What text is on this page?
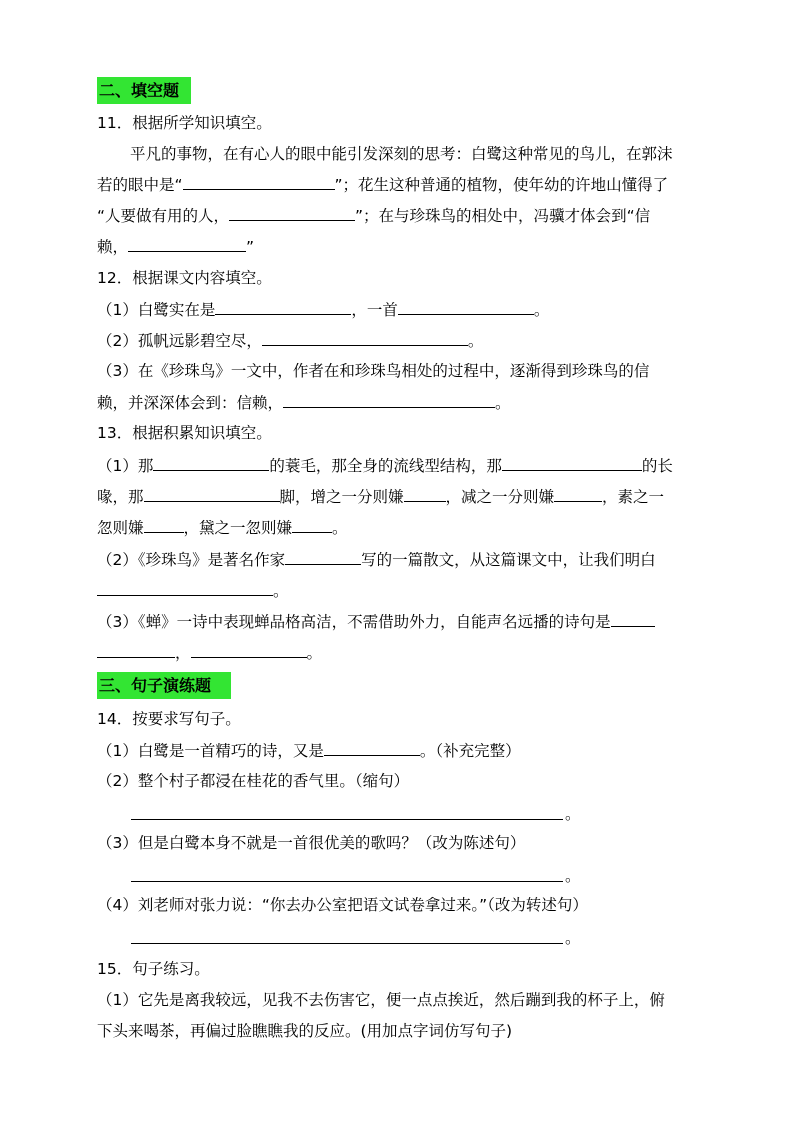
二、填空题
11．根据所学知识填空。
平凡的事物，在有心人的眼中能引发深刻的思考：白鹭这种常见的鸟儿，在郭沫
若的眼中是“	”；花生这种普通的植物，使年幼的许地山懂得了
“人要做有用的人，	”；在与珍珠鸟的相处中，冯骥才体会到“信
赖，	”
12．根据课文内容填空。
（1）白鹭实在是	，一首	。
（2）孤帆远影碧空尽，	。
（3）在《珍珠鸟》一文中，作者在和珍珠鸟相处的过程中，逐渐得到珍珠鸟的信
赖，并深深体会到：信赖，	。
13．根据积累知识填空。
（1）那	的蓑毛，那全身的流线型结构，那	的长
喙，那	脚，增之一分则嫌	，减之一分则嫌	，素之一
忽则嫌	，黛之一忽则嫌	。
（2）《珍珠鸟》是著名作家	写的一篇散文，从这篇课文中，让我们明白
。
（3）《蝉》一诗中表现蝉品格高洁，不需借助外力，自能声名远播的诗句是
，	。
三、句子演练题
14．按要求写句子。
（1）白鹭是一首精巧的诗，又是	。（补充完整）
（2）整个村子都浸在桂花的香气里。（缩句）
。
（3）但是白鹭本身不就是一首很优美的歌吗？（改为陈述句）
。
（4）刘老师对张力说：“你去办公室把语文试卷拿过来。”（改为转述句）
。
15．句子练习。
（1）它先是离我较远，见我不去伤害它，便一点点挨近，然后蹦到我的杯子上，俯
下头来喝茶，再偏过脸瞧瞧我的反应。(用加点字词仿写句子)
